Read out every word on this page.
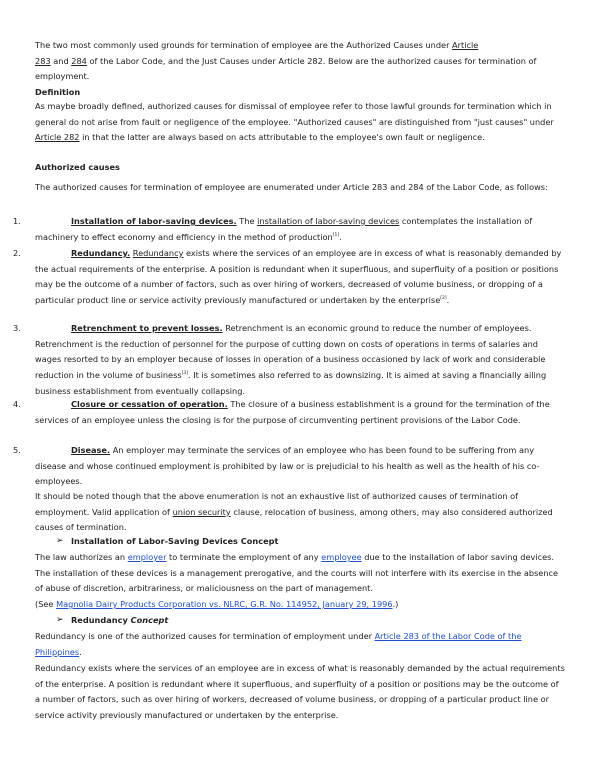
The two most commonly used grounds for termination of employee are the Authorized Causes under Article
283 and 284 of the Labor Code, and the Just Causes under Article 282. Below are the authorized causes for termination of employment.

Definition

As maybe broadly defined, authorized causes for dismissal of employee refer to those lawful grounds for termination which in general do not arise from fault or negligence of the employee. "Authorized causes" are distinguished from "just causes" under Article 282 in that the latter are always based on acts attributable to the employee's own fault or negligence.

Authorized causes

The authorized causes for termination of employee are enumerated under Article 283 and 284 of the Labor Code, as follows:

1.	Installation of labor-saving devices. The installation of labor-saving devices contemplates the installation of machinery to effect economy and efficiency in the method of production[1].
2.	Redundancy. Redundancy exists where the services of an employee are in excess of what is reasonably demanded by the actual requirements of the enterprise. A position is redundant when it superfluous, and superfluity of a position or positions may be the outcome of a number of factors, such as over hiring of workers, decreased of volume business, or dropping of a particular product line or service activity previously manufactured or undertaken by the enterprise[2].
3.	Retrenchment to prevent losses. Retrenchment is an economic ground to reduce the number of employees. Retrenchment is the reduction of personnel for the purpose of cutting down on costs of operations in terms of salaries and wages resorted to by an employer because of losses in operation of a business occasioned by lack of work and considerable reduction in the volume of business[3]. It is sometimes also referred to as downsizing. It is aimed at saving a financially ailing business establishment from eventually collapsing.
4.	Closure or cessation of operation. The closure of a business establishment is a ground for the termination of the services of an employee unless the closing is for the purpose of circumventing pertinent provisions of the Labor Code.
5.	Disease. An employer may terminate the services of an employee who has been found to be suffering from any disease and whose continued employment is prohibited by law or is prejudicial to his health as well as the health of his co-employees.

It should be noted though that the above enumeration is not an exhaustive list of authorized causes of termination of employment. Valid application of union security clause, relocation of business, among others, may also considered authorized causes of termination.

➢ Installation of Labor-Saving Devices Concept

The law authorizes an employer to terminate the employment of any employee due to the installation of labor saving devices. The installation of these devices is a management prerogative, and the courts will not interfere with its exercise in the absence of abuse of discretion, arbitrariness, or maliciousness on the part of management.
(See Magnolia Dairy Products Corporation vs. NLRC, G.R. No. 114952, January 29, 1996.)

➢ Redundancy Concept

Redundancy is one of the authorized causes for termination of employment under Article 283 of the Labor Code of the Philippines.

Redundancy exists where the services of an employee are in excess of what is reasonably demanded by the actual requirements of the enterprise. A position is redundant where it superfluous, and superfluity of a position or positions may be the outcome of a number of factors, such as over hiring of workers, decreased of volume business, or dropping of a particular product line or service activity previously manufactured or undertaken by the enterprise.
